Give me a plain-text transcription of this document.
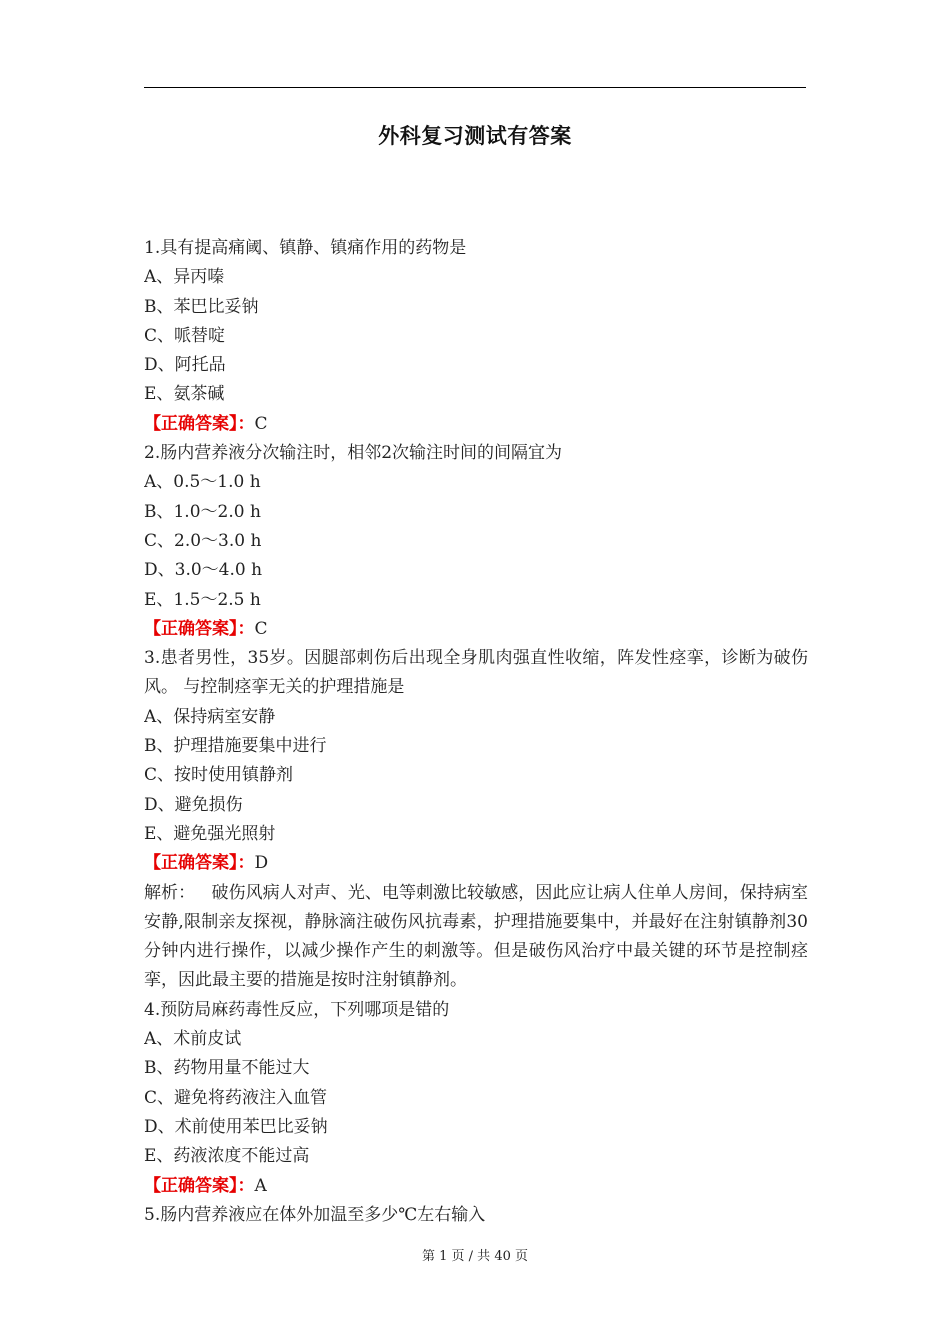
外科复习测试有答案
1.具有提高痛阈、镇静、镇痛作用的药物是
A、异丙嗪
B、苯巴比妥钠
C、哌替啶
D、阿托品
E、氨茶碱
【正确答案】：C
2.肠内营养液分次输注时，相邻2次输注时间的间隔宜为
A、0.5～1.0 h
B、1.0～2.0 h
C、2.0～3.0 h
D、3.0～4.0 h
E、1.5～2.5 h
【正确答案】：C
3.患者男性，35岁。因腿部刺伤后出现全身肌肉强直性收缩，阵发性痉挛，诊断为破伤风。 与控制痉挛无关的护理措施是
A、保持病室安静
B、护理措施要集中进行
C、按时使用镇静剂
D、避免损伤
E、避免强光照射
【正确答案】：D
解析：   破伤风病人对声、光、电等刺激比较敏感，因此应让病人住单人房间，保持病室安静,限制亲友探视，静脉滴注破伤风抗毒素，护理措施要集中，并最好在注射镇静剂30分钟内进行操作，以减少操作产生的刺激等。但是破伤风治疗中最关键的环节是控制痉挛，因此最主要的措施是按时注射镇静剂。
4.预防局麻药毒性反应，下列哪项是错的
A、术前皮试
B、药物用量不能过大
C、避免将药液注入血管
D、术前使用苯巴比妥钠
E、药液浓度不能过高
【正确答案】：A
5.肠内营养液应在体外加温至多少℃左右输入
第 1 页 / 共 40 页
